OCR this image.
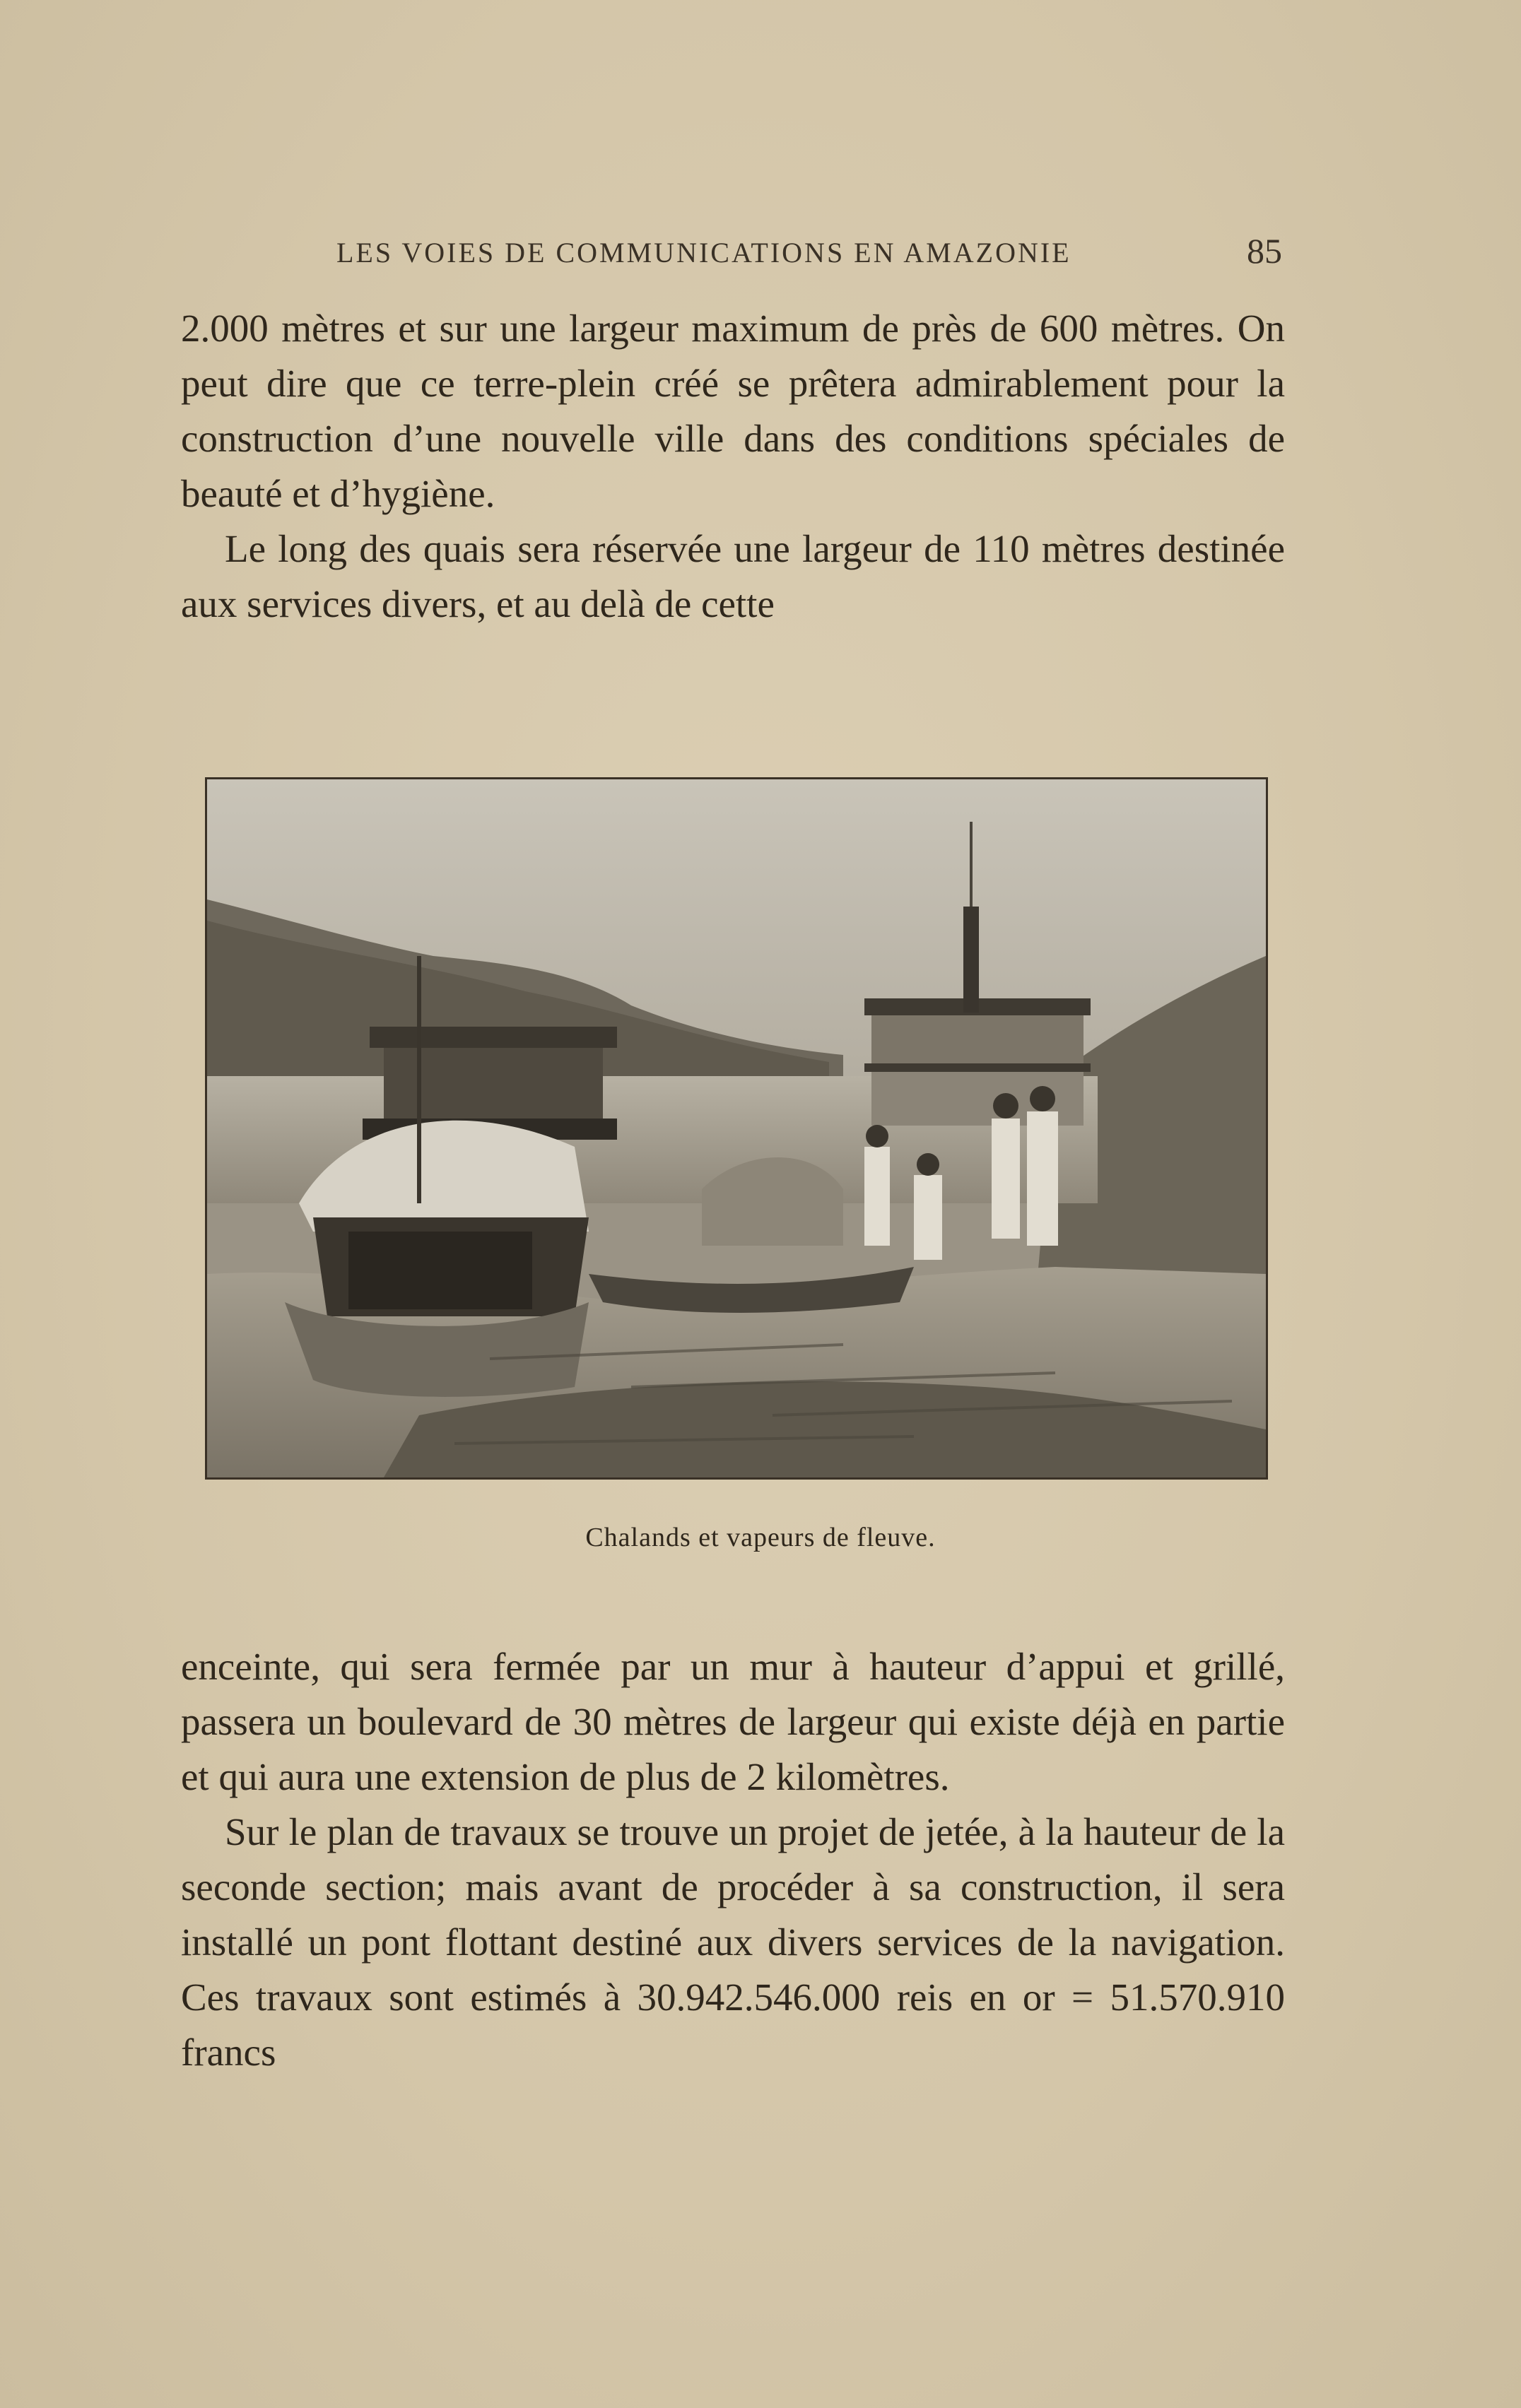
LES VOIES DE COMMUNICATIONS EN AMAZONIE	85

2.000 mètres et sur une largeur maximum de près de 600 mètres. On peut dire que ce terre-plein créé se prêtera admirablement pour la construction d’une nouvelle ville dans des conditions spéciales de beauté et d’hygiène.

Le long des quais sera réservée une largeur de 110 mètres destinée aux services divers, et au delà de cette

Chalands et vapeurs de fleuve.

enceinte, qui sera fermée par un mur à hauteur d’appui et grillé, passera un boulevard de 30 mètres de largeur qui existe déjà en partie et qui aura une extension de plus de 2 kilomètres.

Sur le plan de travaux se trouve un projet de jetée, à la hauteur de la seconde section; mais avant de procéder à sa construction, il sera installé un pont flottant destiné aux divers services de la navigation. Ces travaux sont estimés à 30.942.546.000 reis en or = 51.570.910 francs
